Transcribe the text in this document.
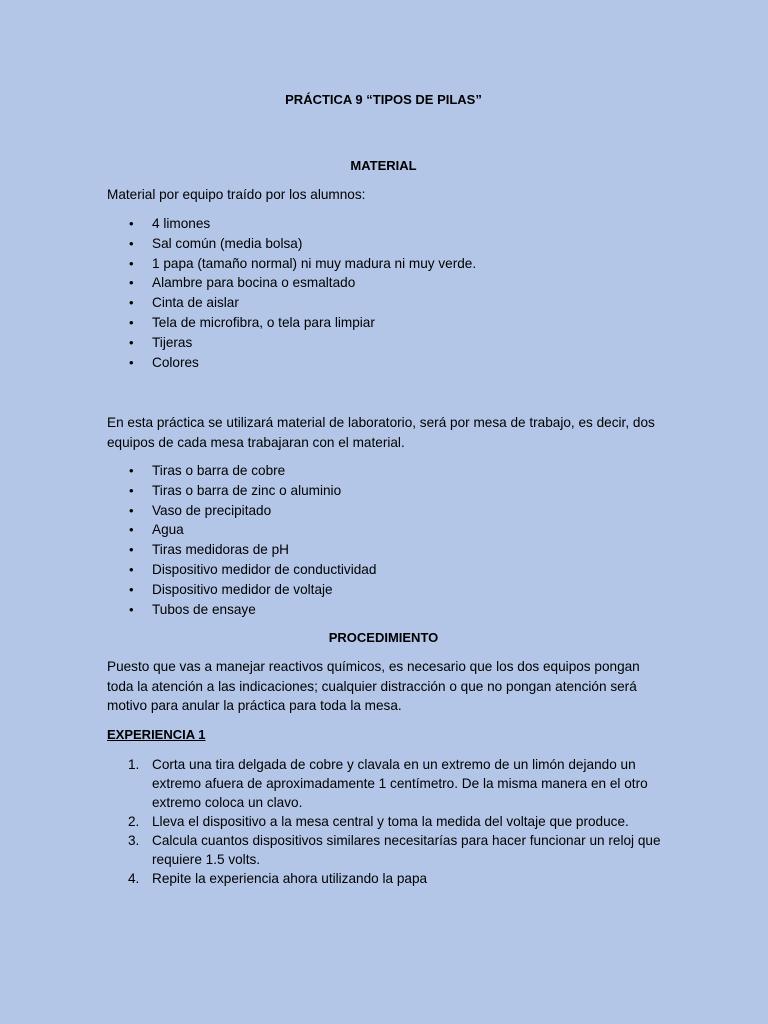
PRÁCTICA 9 “TIPOS DE PILAS”
MATERIAL
Material por equipo traído por los alumnos:
• 4 limones
• Sal común (media bolsa)
• 1 papa (tamaño normal) ni muy madura ni muy verde.
• Alambre para bocina o esmaltado
• Cinta de aislar
• Tela de microfibra, o tela para limpiar
• Tijeras
• Colores
En esta práctica se utilizará material de laboratorio, será por mesa de trabajo, es decir, dos equipos de cada mesa trabajaran con el material.
• Tiras o barra de cobre
• Tiras o barra de zinc o aluminio
• Vaso de precipitado
• Agua
• Tiras medidoras de pH
• Dispositivo medidor de conductividad
• Dispositivo medidor de voltaje
• Tubos de ensaye
PROCEDIMIENTO
Puesto que vas a manejar reactivos químicos, es necesario que los dos equipos pongan toda la atención a las indicaciones; cualquier distracción o que no pongan atención será motivo para anular la práctica para toda la mesa.
EXPERIENCIA 1
1. Corta una tira delgada de cobre y clavala en un extremo de un limón dejando un extremo afuera de aproximadamente 1 centímetro. De la misma manera en el otro extremo coloca un clavo.
2. Lleva el dispositivo a la mesa central y toma la medida del voltaje que produce.
3. Calcula cuantos dispositivos similares necesitarías para hacer funcionar un reloj que requiere 1.5 volts.
4. Repite la experiencia ahora utilizando la papa
